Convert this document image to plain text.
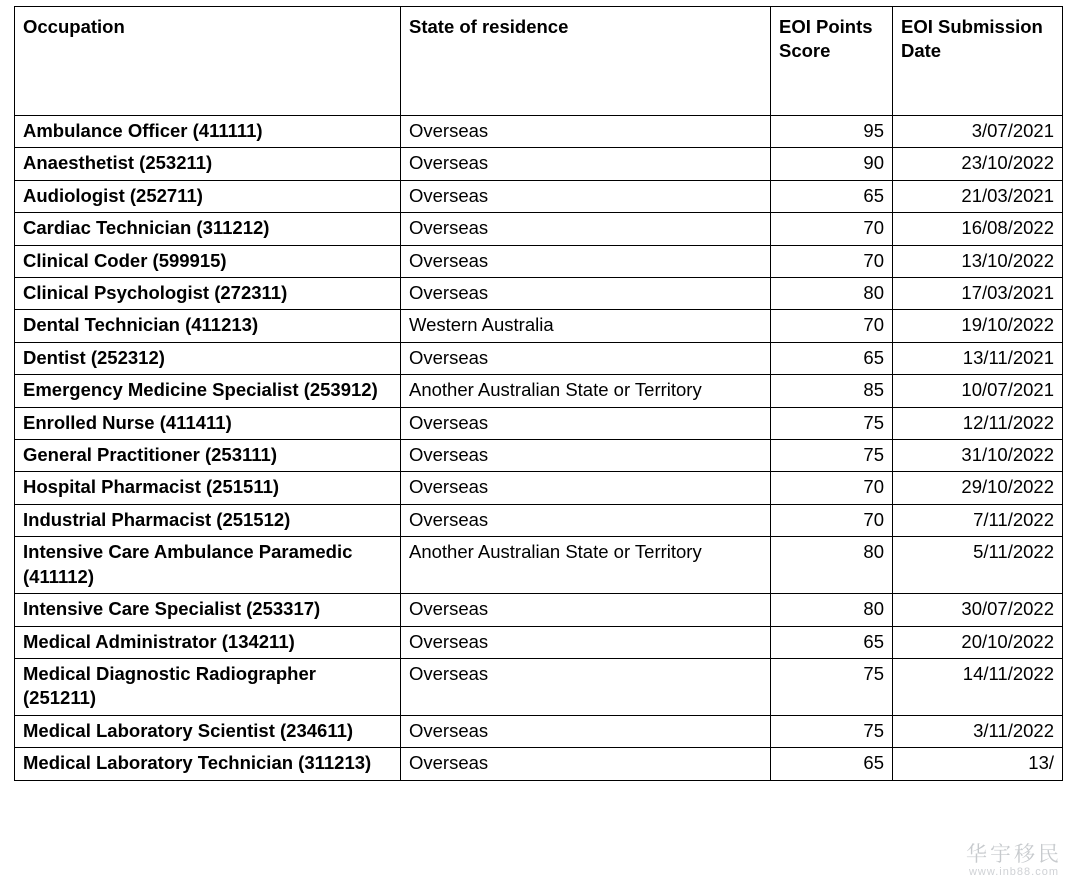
Occupation	State of residence	EOI Points Score	EOI Submission Date
Ambulance Officer (411111)	Overseas	95	3/07/2021
Anaesthetist (253211)	Overseas	90	23/10/2022
Audiologist (252711)	Overseas	65	21/03/2021
Cardiac Technician (311212)	Overseas	70	16/08/2022
Clinical Coder (599915)	Overseas	70	13/10/2022
Clinical Psychologist (272311)	Overseas	80	17/03/2021
Dental Technician (411213)	Western Australia	70	19/10/2022
Dentist (252312)	Overseas	65	13/11/2021
Emergency Medicine Specialist (253912)	Another Australian State or Territory	85	10/07/2021
Enrolled Nurse (411411)	Overseas	75	12/11/2022
General Practitioner (253111)	Overseas	75	31/10/2022
Hospital Pharmacist (251511)	Overseas	70	29/10/2022
Industrial Pharmacist (251512)	Overseas	70	7/11/2022
Intensive Care Ambulance Paramedic (411112)	Another Australian State or Territory	80	5/11/2022
Intensive Care Specialist (253317)	Overseas	80	30/07/2022
Medical Administrator (134211)	Overseas	65	20/10/2022
Medical Diagnostic Radiographer (251211)	Overseas	75	14/11/2022
Medical Laboratory Scientist (234611)	Overseas	75	3/11/2022
Medical Laboratory Technician (311213)	Overseas	65	13/
华宇移民
www.inb88.com
